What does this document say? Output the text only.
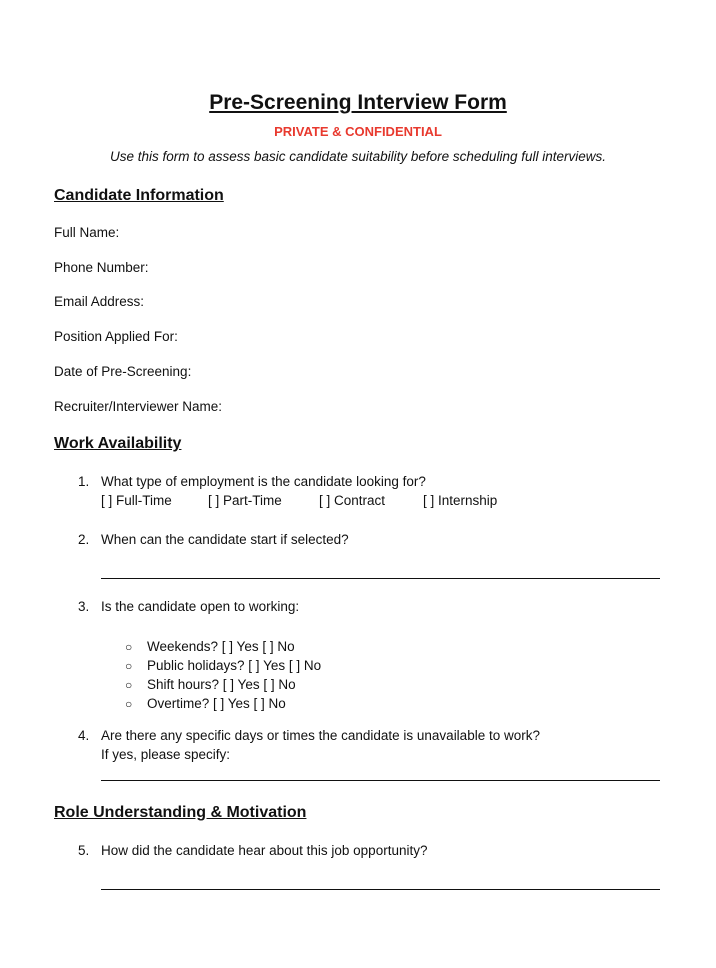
Pre-Screening Interview Form
PRIVATE & CONFIDENTIAL
Use this form to assess basic candidate suitability before scheduling full interviews.
Candidate Information
Full Name:
Phone Number:
Email Address:
Position Applied For:
Date of Pre-Screening:
Recruiter/Interviewer Name:
Work Availability
1. What type of employment is the candidate looking for?
[ ] Full-Time	[ ] Part-Time	[ ] Contract	[ ] Internship
2. When can the candidate start if selected?
3. Is the candidate open to working:
○ Weekends? [ ] Yes [ ] No
○ Public holidays? [ ] Yes [ ] No
○ Shift hours? [ ] Yes [ ] No
○ Overtime? [ ] Yes [ ] No
4. Are there any specific days or times the candidate is unavailable to work?
If yes, please specify:
Role Understanding & Motivation
5. How did the candidate hear about this job opportunity?
